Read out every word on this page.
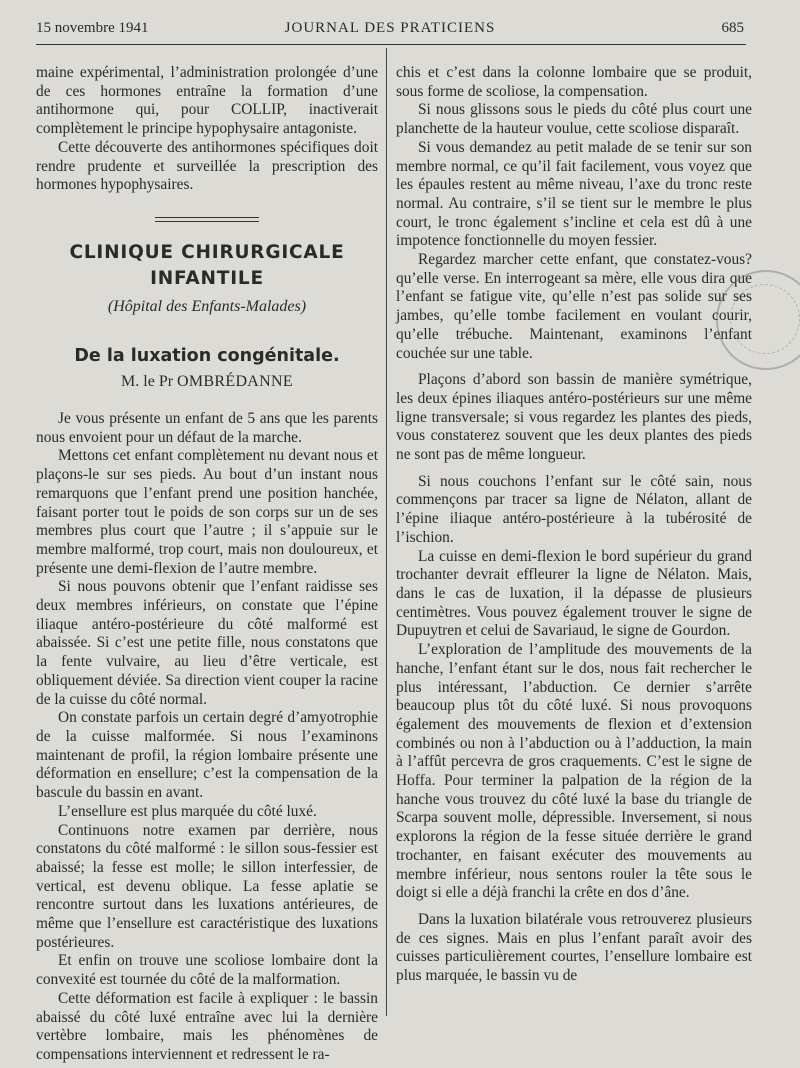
15 novembre 1941	JOURNAL DES PRATICIENS	685

maine expérimental, l’administration prolongée d’une de ces hormones entraîne la formation d’une antihormone qui, pour COLLIP, inactiverait complètement le principe hypophysaire antagoniste.

Cette découverte des antihormones spécifiques doit rendre prudente et surveillée la prescription des hormones hypophysaires.

CLINIQUE CHIRURGICALE
INFANTILE
(Hôpital des Enfants-Malades)
De la luxation congénitale.
M. le Pr OMBRÉDANNE

Je vous présente un enfant de 5 ans que les parents nous envoient pour un défaut de la marche.

Mettons cet enfant complètement nu devant nous et plaçons-le sur ses pieds. Au bout d’un instant nous remarquons que l’enfant prend une position hanchée, faisant porter tout le poids de son corps sur un de ses membres plus court que l’autre ; il s’appuie sur le membre malformé, trop court, mais non douloureux, et présente une demi-flexion de l’autre membre.

Si nous pouvons obtenir que l’enfant raidisse ses deux membres inférieurs, on constate que l’épine iliaque antéro-postérieure du côté malformé est abaissée. Si c’est une petite fille, nous constatons que la fente vulvaire, au lieu d’être verticale, est obliquement déviée. Sa direction vient couper la racine de la cuisse du côté normal.

On constate parfois un certain degré d’amyotrophie de la cuisse malformée. Si nous l’examinons maintenant de profil, la région lombaire présente une déformation en ensellure; c’est la compensation de la bascule du bassin en avant.

L’ensellure est plus marquée du côté luxé.

Continuons notre examen par derrière, nous constatons du côté malformé : le sillon sous-fessier est abaissé; la fesse est molle; le sillon interfessier, de vertical, est devenu oblique. La fesse aplatie se rencontre surtout dans les luxations antérieures, de même que l’ensellure est caractéristique des luxations postérieures.

Et enfin on trouve une scoliose lombaire dont la convexité est tournée du côté de la malformation.

Cette déformation est facile à expliquer : le bassin abaissé du côté luxé entraîne avec lui la dernière vertèbre lombaire, mais les phénomènes de compensations interviennent et redressent le ra-

chis et c’est dans la colonne lombaire que se produit, sous forme de scoliose, la compensation.

Si nous glissons sous le pieds du côté plus court une planchette de la hauteur voulue, cette scoliose disparaît.

Si vous demandez au petit malade de se tenir sur son membre normal, ce qu’il fait facilement, vous voyez que les épaules restent au même niveau, l’axe du tronc reste normal. Au contraire, s’il se tient sur le membre le plus court, le tronc également s’incline et cela est dû à une impotence fonctionnelle du moyen fessier.

Regardez marcher cette enfant, que constatez-vous? qu’elle verse. En interrogeant sa mère, elle vous dira que l’enfant se fatigue vite, qu’elle n’est pas solide sur ses jambes, qu’elle tombe facilement en voulant courir, qu’elle trébuche. Maintenant, examinons l’enfant couchée sur une table.

Plaçons d’abord son bassin de manière symétrique, les deux épines iliaques antéro-postérieurs sur une même ligne transversale; si vous regardez les plantes des pieds, vous constaterez souvent que les deux plantes des pieds ne sont pas de même longueur.

Si nous couchons l’enfant sur le côté sain, nous commençons par tracer sa ligne de Nélaton, allant de l’épine iliaque antéro-postérieure à la tubérosité de l’ischion.

La cuisse en demi-flexion le bord supérieur du grand trochanter devrait effleurer la ligne de Nélaton. Mais, dans le cas de luxation, il la dépasse de plusieurs centimètres. Vous pouvez également trouver le signe de Dupuytren et celui de Savariaud, le signe de Gourdon.

L’exploration de l’amplitude des mouvements de la hanche, l’enfant étant sur le dos, nous fait rechercher le plus intéressant, l’abduction. Ce dernier s’arrête beaucoup plus tôt du côté luxé. Si nous provoquons également des mouvements de flexion et d’extension combinés ou non à l’abduction ou à l’adduction, la main à l’affût percevra de gros craquements. C’est le signe de Hoffa. Pour terminer la palpation de la région de la hanche vous trouvez du côté luxé la base du triangle de Scarpa souvent molle, dépressible. Inversement, si nous explorons la région de la fesse située derrière le grand trochanter, en faisant exécuter des mouvements au membre inférieur, nous sentons rouler la tête sous le doigt si elle a déjà franchi la crête en dos d’âne.

Dans la luxation bilatérale vous retrouverez plusieurs de ces signes. Mais en plus l’enfant paraît avoir des cuisses particulièrement courtes, l’ensellure lombaire est plus marquée, le bassin vu de
